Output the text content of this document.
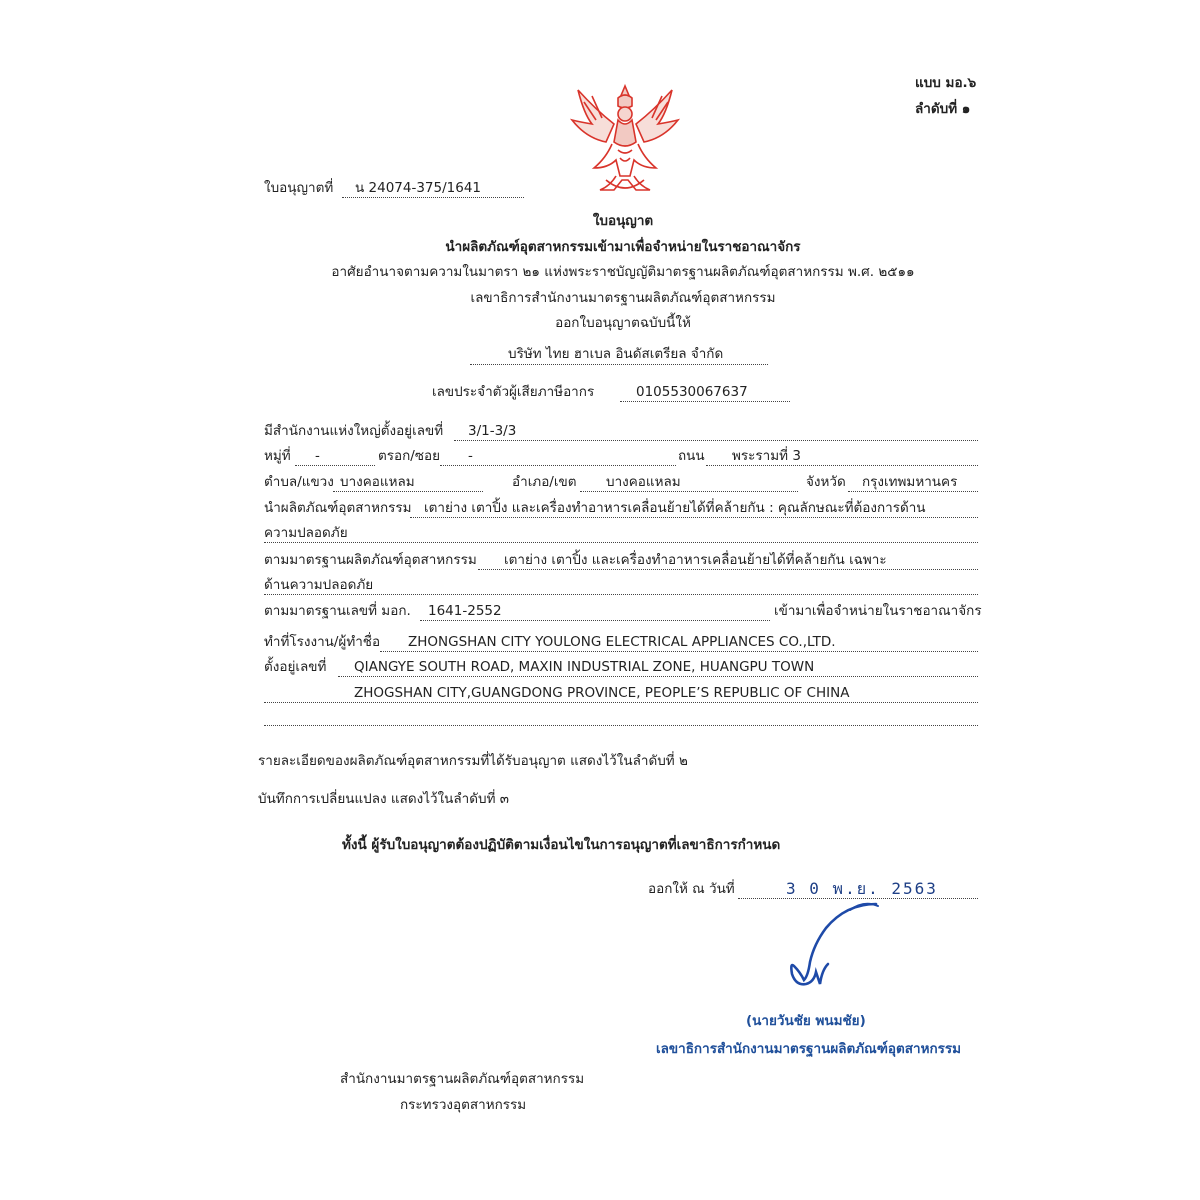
แบบ มอ.๖
ลำดับที่ ๑
ใบอนุญาตที่ น 24074-375/1641
ใบอนุญาต
นำผลิตภัณฑ์อุตสาหกรรมเข้ามาเพื่อจำหน่ายในราชอาณาจักร
อาศัยอำนาจตามความในมาตรา ๒๑ แห่งพระราชบัญญัติมาตรฐานผลิตภัณฑ์อุตสาหกรรม พ.ศ. ๒๕๑๑
เลขาธิการสำนักงานมาตรฐานผลิตภัณฑ์อุตสาหกรรม
ออกใบอนุญาตฉบับนี้ให้
บริษัท ไทย ฮาเบล อินดัสเตรียล จำกัด
เลขประจำตัวผู้เสียภาษีอากร	0105530067637
มีสำนักงานแห่งใหญ่ตั้งอยู่เลขที่ 3/1-3/3
หมู่ที่ -	ตรอก/ซอย -	ถนน พระรามที่ 3
ตำบล/แขวง บางคอแหลม	อำเภอ/เขต บางคอแหลม	จังหวัด กรุงเทพมหานคร
นำผลิตภัณฑ์อุตสาหกรรม เตาย่าง เตาปิ้ง และเครื่องทำอาหารเคลื่อนย้ายได้ที่คล้ายกัน : คุณลักษณะที่ต้องการด้าน
ความปลอดภัย
ตามมาตรฐานผลิตภัณฑ์อุตสาหกรรม เตาย่าง เตาปิ้ง และเครื่องทำอาหารเคลื่อนย้ายได้ที่คล้ายกัน เฉพาะ
ด้านความปลอดภัย
ตามมาตรฐานเลขที่ มอก. 1641-2552	เข้ามาเพื่อจำหน่ายในราชอาณาจักร
ทำที่โรงงาน/ผู้ทำชื่อ ZHONGSHAN CITY YOULONG ELECTRICAL APPLIANCES CO.,LTD.
ตั้งอยู่เลขที่ QIANGYE SOUTH ROAD, MAXIN INDUSTRIAL ZONE, HUANGPU TOWN
ZHOGSHAN CITY,GUANGDONG PROVINCE, PEOPLE’S REPUBLIC OF CHINA
รายละเอียดของผลิตภัณฑ์อุตสาหกรรมที่ได้รับอนุญาต แสดงไว้ในลำดับที่ ๒
บันทึกการเปลี่ยนแปลง แสดงไว้ในลำดับที่ ๓
ทั้งนี้ ผู้รับใบอนุญาตต้องปฏิบัติตามเงื่อนไขในการอนุญาตที่เลขาธิการกำหนด
ออกให้ ณ วันที่	3 0 พ.ย. 2563
(นายวันชัย พนมชัย)
เลขาธิการสำนักงานมาตรฐานผลิตภัณฑ์อุตสาหกรรม
สำนักงานมาตรฐานผลิตภัณฑ์อุตสาหกรรม
กระทรวงอุตสาหกรรม
